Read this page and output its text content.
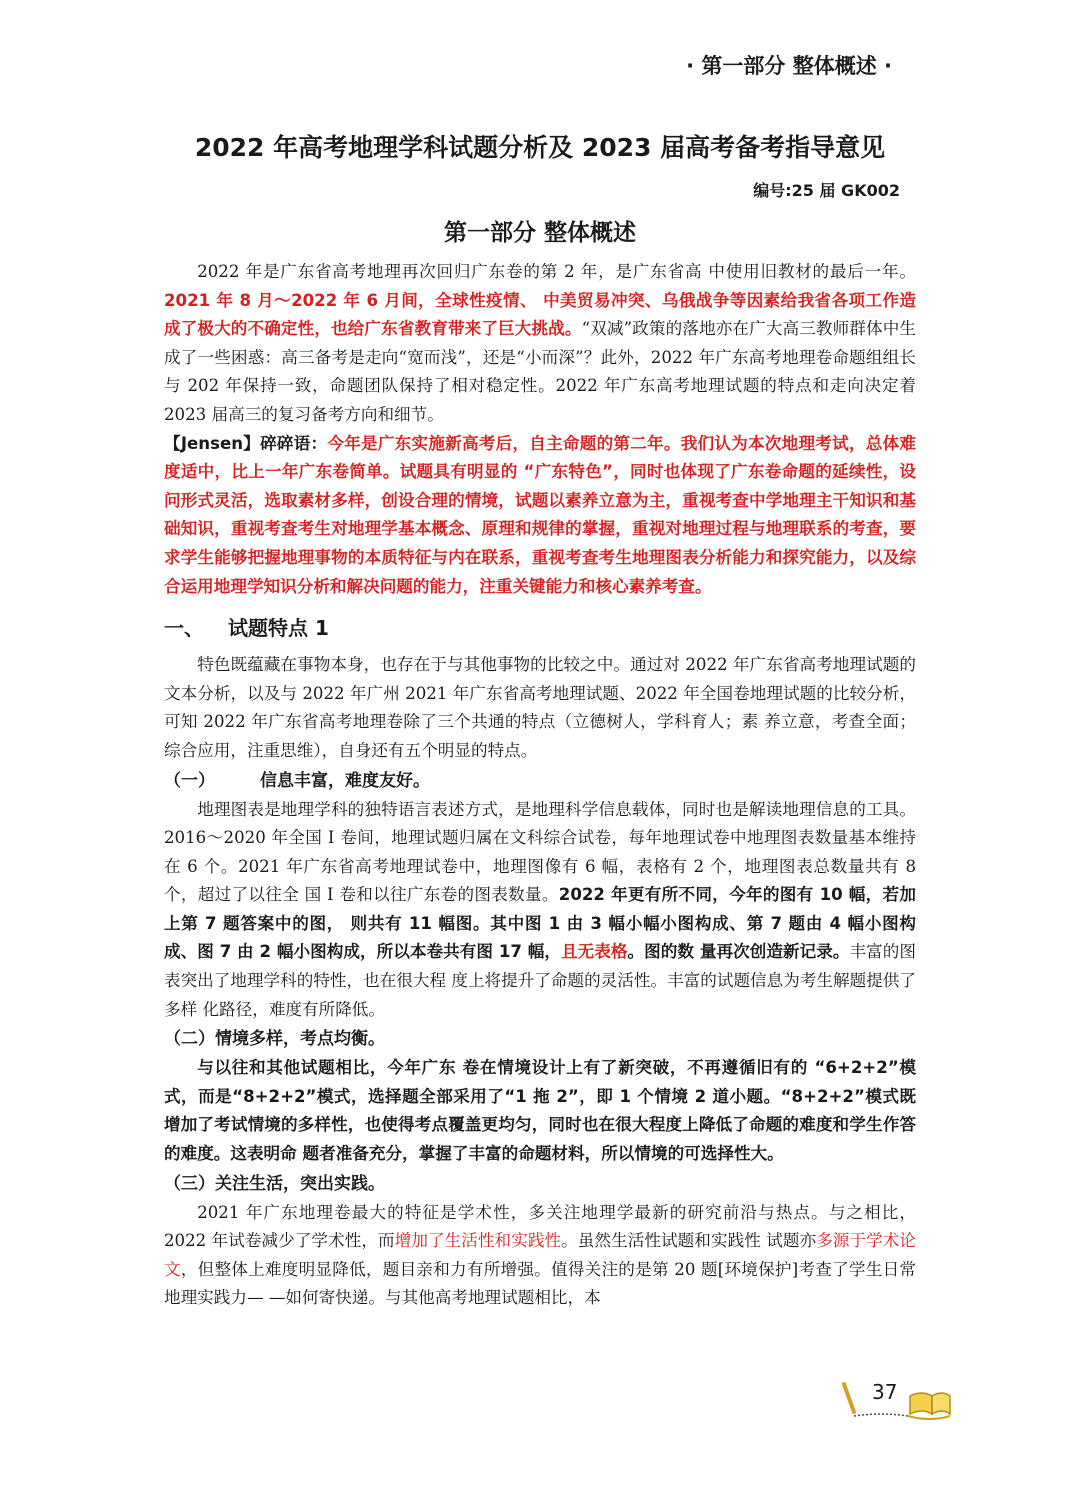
· 第一部分 整体概述 ·
2022 年高考地理学科试题分析及 2023 届高考备考指导意见
编号:25 届 GK002
第一部分 整体概述

2022 年是广东省高考地理再次回归广东卷的第 2 年，是广东省高 中使用旧教材的最后一年。2021 年 8 月～2022 年 6 月间，全球性疫情、 中美贸易冲突、乌俄战争等因素给我省各项工作造成了极大的不确定性，也给广东省教育带来了巨大挑战。“双减”政策的落地亦在广大高三教师群体中生成了一些困惑：高三备考是走向“宽而浅”，还是“小而深”？此外，2022 年广东高考地理卷命题组组长与 202 年保持一致，命题团队保持了相对稳定性。2022 年广东高考地理试题的特点和走向决定着 2023 届高三的复习备考方向和细节。

【Jensen】碎碎语：今年是广东实施新高考后，自主命题的第二年。我们认为本次地理考试，总体难度适中，比上一年广东卷简单。试题具有明显的 “广东特色”，同时也体现了广东卷命题的延续性，设问形式灵活，选取素材多样，创设合理的情境，试题以素养立意为主，重视考查中学地理主干知识和基础知识，重视考查考生对地理学基本概念、原理和规律的掌握，重视对地理过程与地理联系的考查，要求学生能够把握地理事物的本质特征与内在联系，重视考查考生地理图表分析能力和探究能力，以及综合运用地理学知识分析和解决问题的能力，注重关键能力和核心素养考查。

一、 试题特点 1

特色既蕴藏在事物本身，也存在于与其他事物的比较之中。通过对 2022 年广东省高考地理试题的文本分析，以及与 2022 年广州 2021 年广东省高考地理试题、2022 年全国卷地理试题的比较分析，可知 2022 年广东省高考地理卷除了三个共通的特点（立德树人，学科育人；素 养立意，考查全面；综合应用，注重思维），自身还有五个明显的特点。

（一）	信息丰富，难度友好。

地理图表是地理学科的独特语言表述方式，是地理科学信息载体，同时也是解读地理信息的工具。2016～2020 年全国 Ⅰ 卷间，地理试题归属在文科综合试卷，每年地理试卷中地理图表数量基本维持在 6 个。2021 年广东省高考地理试卷中，地理图像有 6 幅，表格有 2 个，地理图表总数量共有 8 个，超过了以往全 国 Ⅰ 卷和以往广东卷的图表数量。2022 年更有所不同，今年的图有 10 幅，若加上第 7 题答案中的图， 则共有 11 幅图。其中图 1 由 3 幅小幅小图构成、第 7 题由 4 幅小图构成、图 7 由 2 幅小图构成，所以本卷共有图 17 幅，且无表格。图的数 量再次创造新记录。丰富的图表突出了地理学科的特性，也在很大程 度上将提升了命题的灵活性。丰富的试题信息为考生解题提供了多样 化路径，难度有所降低。

（二）情境多样，考点均衡。

与以往和其他试题相比，今年广东 卷在情境设计上有了新突破，不再遵循旧有的 “6+2+2”模式，而是“8+2+2”模式，选择题全部采用了“1 拖 2”，即 1 个情境 2 道小题。“8+2+2”模式既增加了考试情境的多样性，也使得考点覆盖更均匀，同时也在很大程度上降低了命题的难度和学生作答的难度。这表明命 题者准备充分，掌握了丰富的命题材料，所以情境的可选择性大。

（三）关注生活，突出实践。

2021 年广东地理卷最大的特征是学术性，多关注地理学最新的研究前沿与热点。与之相比，2022 年试卷减少了学术性，而增加了生活性和实践性。虽然生活性试题和实践性 试题亦多源于学术论文，但整体上难度明显降低，题目亲和力有所增强。值得关注的是第 20 题[环境保护]考查了学生日常地理实践力— —如何寄快递。与其他高考地理试题相比，本

37
